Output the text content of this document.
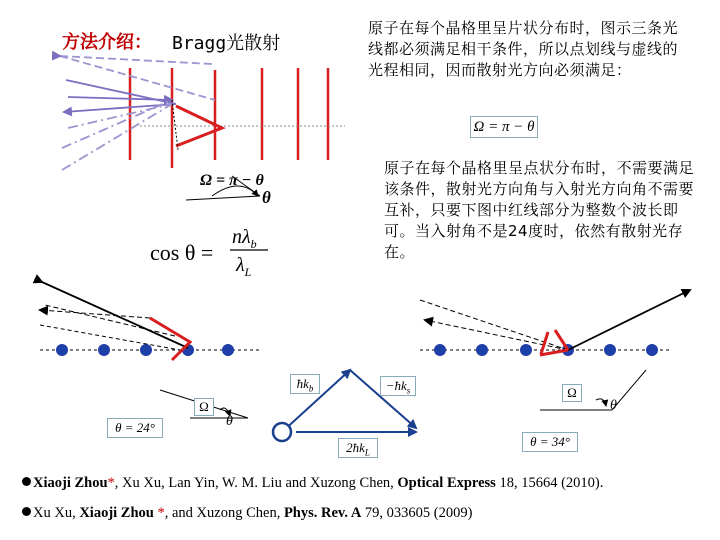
方法介绍： Bragg光散射
原子在每个晶格里呈片状分布时，图示三条光线都必须满足相干条件，所以点划线与虚线的光程相同，因而散射光方向必须满足：
原子在每个晶格里呈点状分布时，不需要满足该条件，散射光方向角与入射光方向角不需要互补，只要下图中红线部分为整数个波长即可。当入射角不是24度时，依然有散射光存在。
Ω = π − θ
Ω = π − θ
θ
cos θ =
$n\lambda_b$
$\lambda_L$
θ = 24°
θ = 34°
Ω
θ
Ω
θ
$ħk_b$	$-ħk_s$
$2ħk_L$
Xiaoji Zhou*, Xu Xu, Lan Yin, W. M. Liu and Xuzong Chen, Optical Express 18, 15664 (2010).
Xu Xu, Xiaoji Zhou *, and Xuzong Chen, Phys. Rev. A 79, 033605 (2009)
